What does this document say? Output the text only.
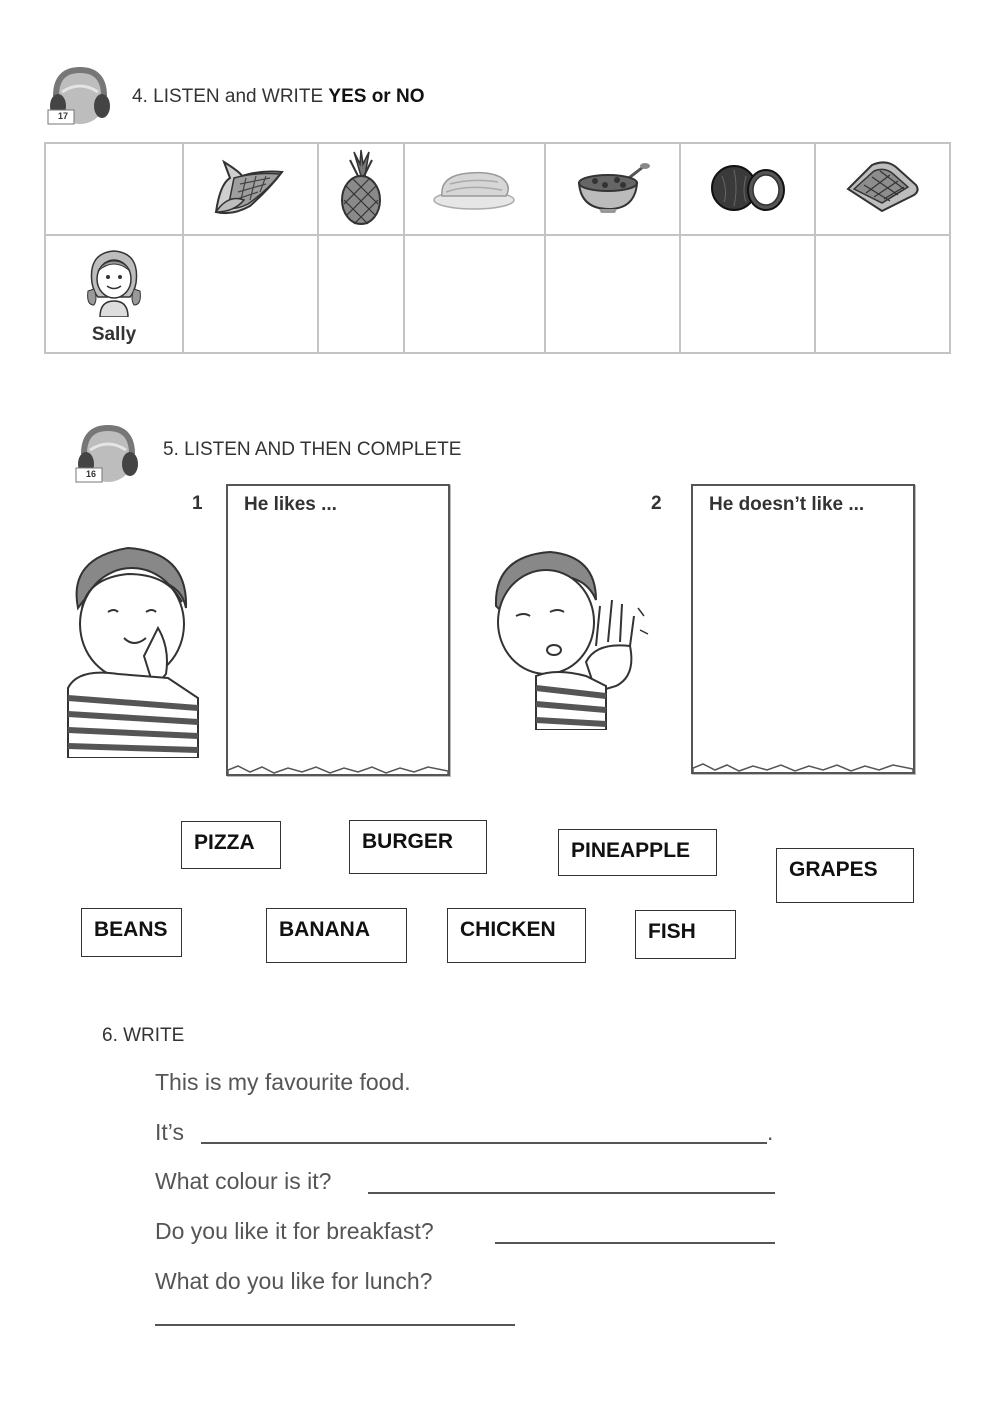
17
4. LISTEN and WRITE YES or NO

Sally						

16
5. LISTEN AND THEN COMPLETE
1 He likes ...	2 He doesn’t like ...
PIZZA	BURGER	PINEAPPLE
GRAPES
BEANS	BANANA	CHICKEN	FISH
6. WRITE
This is my favourite food.
It’s	.
What colour is it?
Do you like it for breakfast?
What do you like for lunch?
